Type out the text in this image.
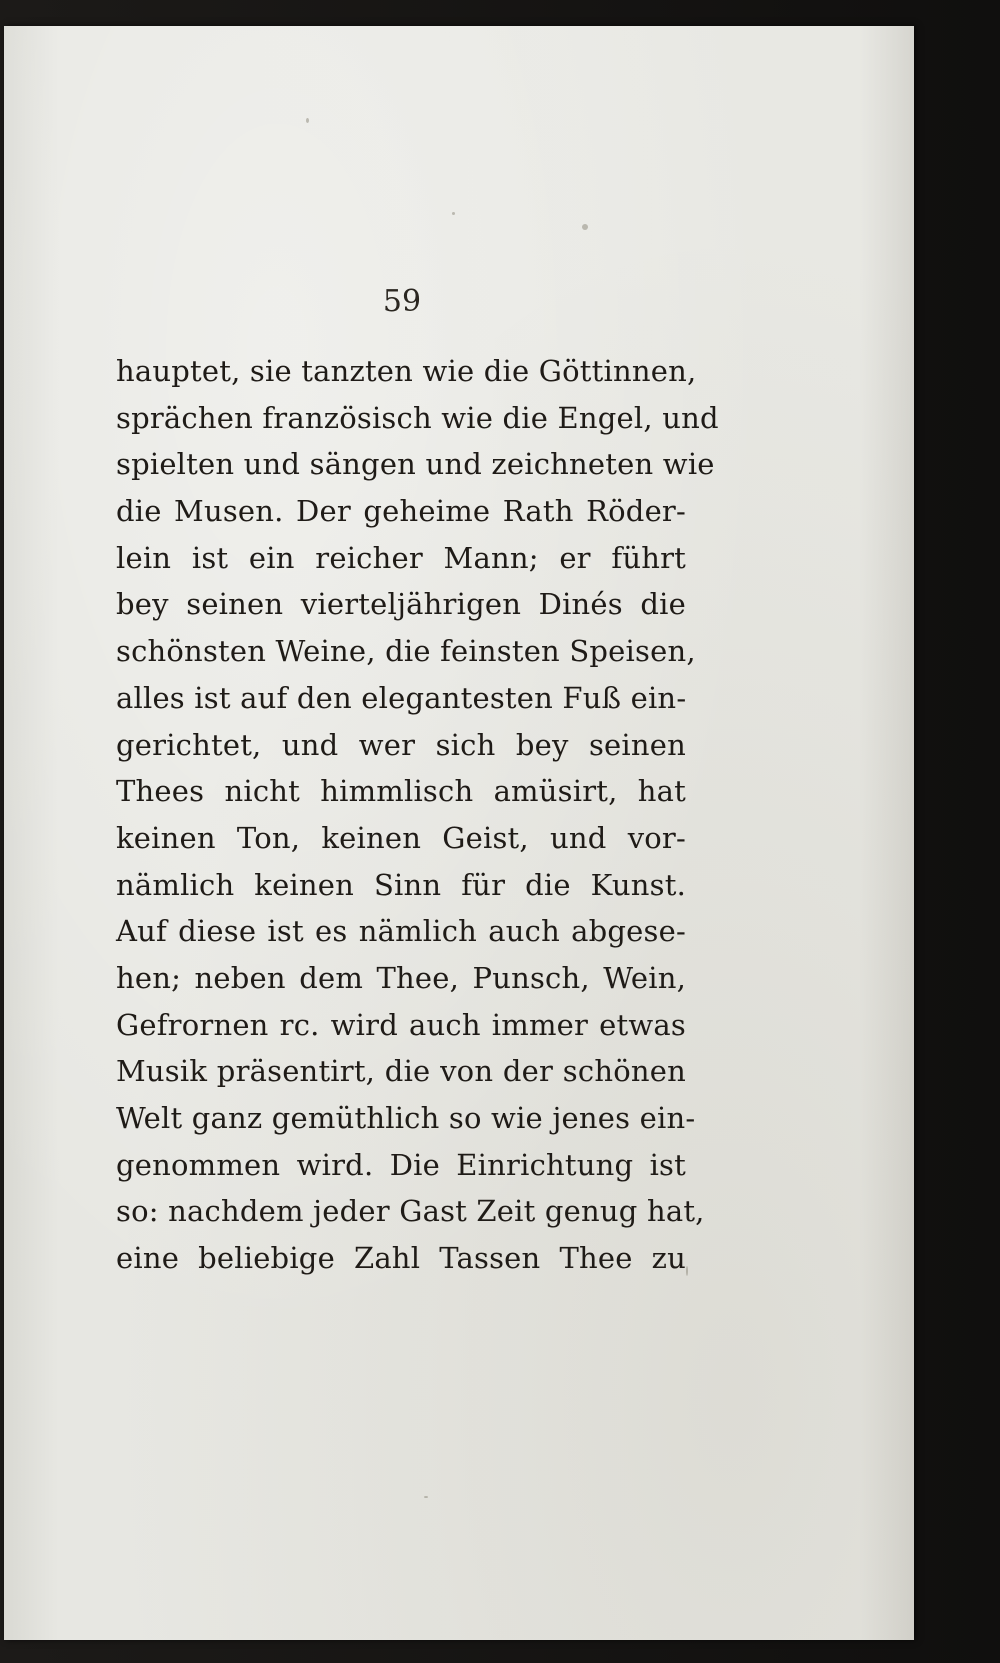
59
hauptet, sie tanzten wie die Göttinnen,
sprächen französisch wie die Engel, und
spielten und sängen und zeichneten wie
die Musen. Der geheime Rath Röder-
lein ist ein reicher Mann; er führt
bey seinen vierteljährigen Dinés die
schönsten Weine, die feinsten Speisen,
alles ist auf den elegantesten Fuß ein-
gerichtet, und wer sich bey seinen
Thees nicht himmlisch amüsirt, hat
keinen Ton, keinen Geist, und vor-
nämlich keinen Sinn für die Kunst.
Auf diese ist es nämlich auch abgese-
hen; neben dem Thee, Punsch, Wein,
Gefrornen rc. wird auch immer etwas
Musik präsentirt, die von der schönen
Welt ganz gemüthlich so wie jenes ein-
genommen wird. Die Einrichtung ist
so: nachdem jeder Gast Zeit genug hat,
eine beliebige Zahl Tassen Thee zu
